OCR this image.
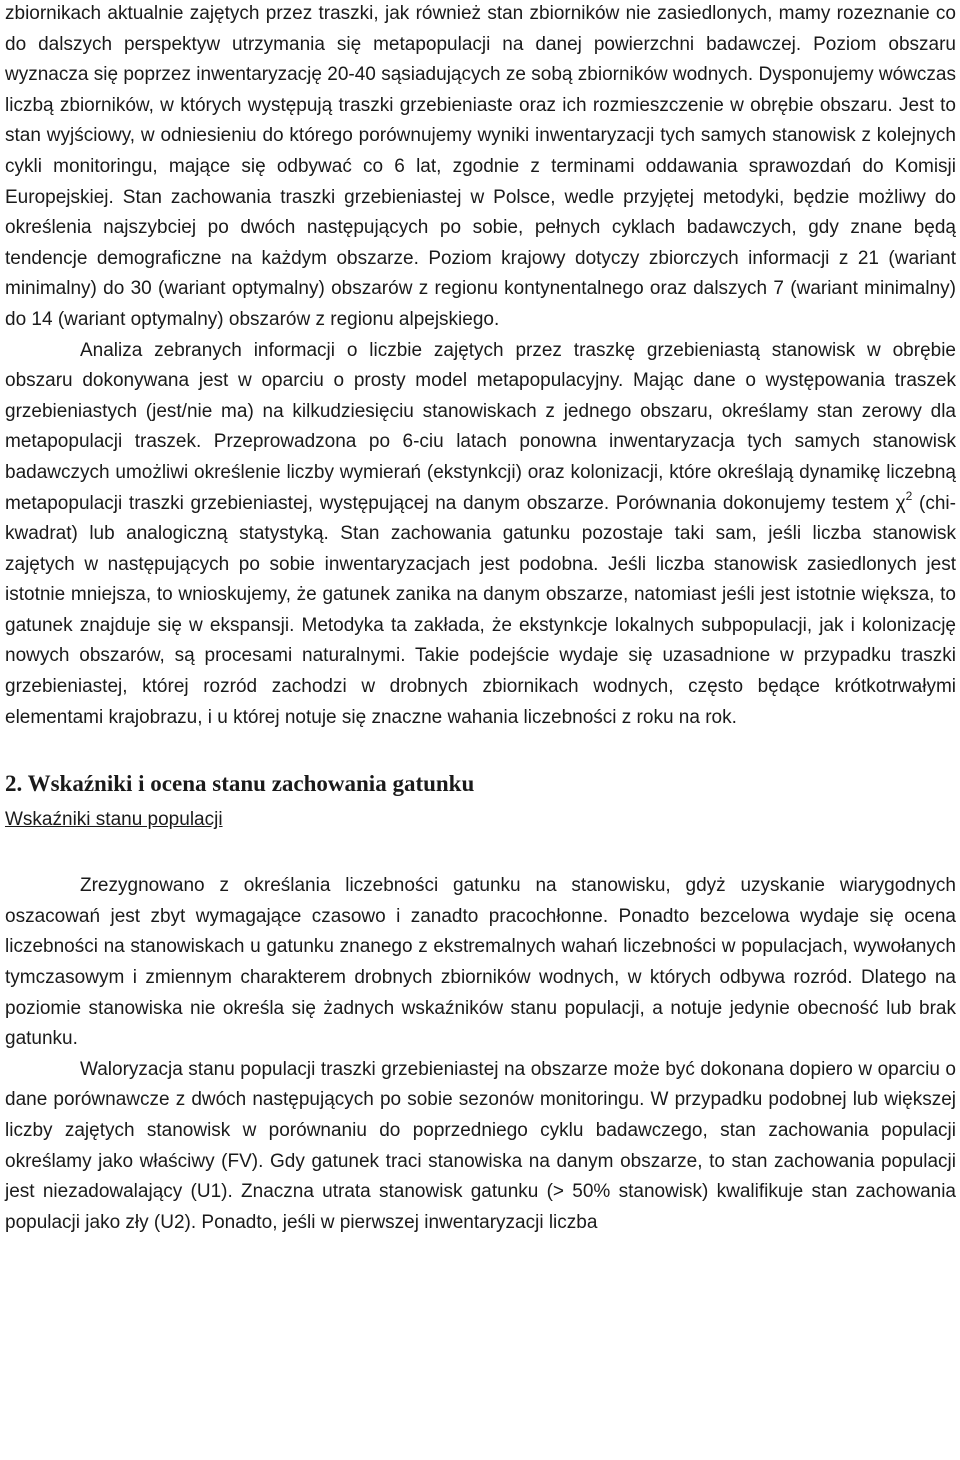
zbiornikach aktualnie zajętych przez traszki, jak również stan zbiorników nie zasiedlonych, mamy rozeznanie co do dalszych perspektyw utrzymania się metapopulacji na danej powierzchni badawczej. Poziom obszaru wyznacza się poprzez inwentaryzację 20-40 sąsiadujących ze sobą zbiorników wodnych. Dysponujemy wówczas liczbą zbiorników, w których występują traszki grzebieniaste oraz ich rozmieszczenie w obrębie obszaru. Jest to stan wyjściowy, w odniesieniu do którego porównujemy wyniki inwentaryzacji tych samych stanowisk z kolejnych cykli monitoringu, mające się odbywać co 6 lat, zgodnie z terminami oddawania sprawozdań do Komisji Europejskiej. Stan zachowania traszki grzebieniastej w Polsce, wedle przyjętej metodyki, będzie możliwy do określenia najszybciej po dwóch następujących po sobie, pełnych cyklach badawczych, gdy znane będą tendencje demograficzne na każdym obszarze. Poziom krajowy dotyczy zbiorczych informacji z 21 (wariant minimalny) do 30 (wariant optymalny) obszarów z regionu kontynentalnego oraz dalszych 7 (wariant minimalny) do 14 (wariant optymalny) obszarów z regionu alpejskiego.

Analiza zebranych informacji o liczbie zajętych przez traszkę grzebieniastą stanowisk w obrębie obszaru dokonywana jest w oparciu o prosty model metapopulacyjny. Mając dane o występowania traszek grzebieniastych (jest/nie ma) na kilkudziesięciu stanowiskach z jednego obszaru, określamy stan zerowy dla metapopulacji traszek. Przeprowadzona po 6-ciu latach ponowna inwentaryzacja tych samych stanowisk badawczych umożliwi określenie liczby wymierań (ekstynkcji) oraz kolonizacji, które określają dynamikę liczebną metapopulacji traszki grzebieniastej, występującej na danym obszarze. Porównania dokonujemy testem $\chi^2$ (chi-kwadrat) lub analogiczną statystyką. Stan zachowania gatunku pozostaje taki sam, jeśli liczba stanowisk zajętych w następujących po sobie inwentaryzacjach jest podobna. Jeśli liczba stanowisk zasiedlonych jest istotnie mniejsza, to wnioskujemy, że gatunek zanika na danym obszarze, natomiast jeśli jest istotnie większa, to gatunek znajduje się w ekspansji. Metodyka ta zakłada, że ekstynkcje lokalnych subpopulacji, jak i kolonizację nowych obszarów, są procesami naturalnymi. Takie podejście wydaje się uzasadnione w przypadku traszki grzebieniastej, której rozród zachodzi w drobnych zbiornikach wodnych, często będące krótkotrwałymi elementami krajobrazu, i u której notuje się znaczne wahania liczebności z roku na rok.

2. Wskaźniki i ocena stanu zachowania gatunku
Wskaźniki stanu populacji

Zrezygnowano z określania liczebności gatunku na stanowisku, gdyż uzyskanie wiarygodnych oszacowań jest zbyt wymagające czasowo i zanadto pracochłonne. Ponadto bezcelowa wydaje się ocena liczebności na stanowiskach u gatunku znanego z ekstremalnych wahań liczebności w populacjach, wywołanych tymczasowym i zmiennym charakterem drobnych zbiorników wodnych, w których odbywa rozród. Dlatego na poziomie stanowiska nie określa się żadnych wskaźników stanu populacji, a notuje jedynie obecność lub brak gatunku.

Waloryzacja stanu populacji traszki grzebieniastej na obszarze może być dokonana dopiero w oparciu o dane porównawcze z dwóch następujących po sobie sezonów monitoringu. W przypadku podobnej lub większej liczby zajętych stanowisk w porównaniu do poprzedniego cyklu badawczego, stan zachowania populacji określamy jako właściwy (FV). Gdy gatunek traci stanowiska na danym obszarze, to stan zachowania populacji jest niezadowalający (U1). Znaczna utrata stanowisk gatunku (> 50% stanowisk) kwalifikuje stan zachowania populacji jako zły (U2). Ponadto, jeśli w pierwszej inwentaryzacji liczba
